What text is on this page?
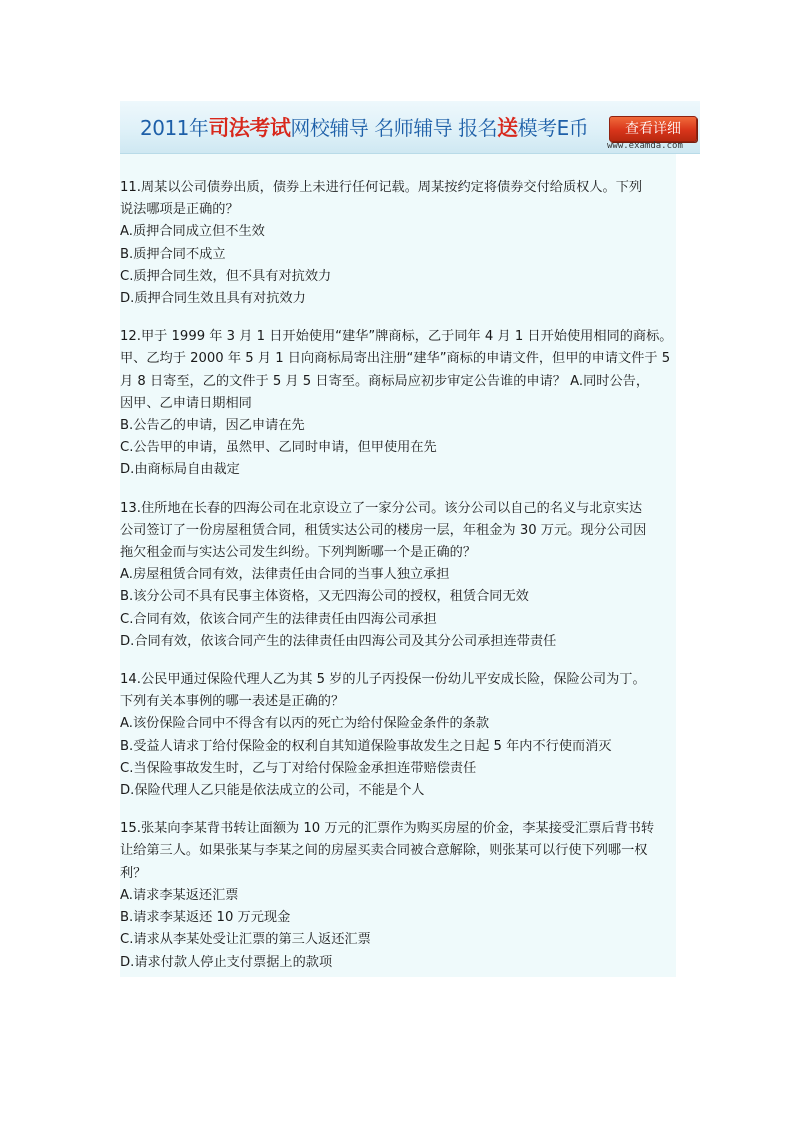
2011年司法考试网校辅导 名师辅导 报名送模考E币	查看详细
www.examda.com

11.周某以公司债券出质，债券上未进行任何记载。周某按约定将债券交付给质权人。下列

说法哪项是正确的？

A.质押合同成立但不生效

B.质押合同不成立

C.质押合同生效，但不具有对抗效力

D.质押合同生效且具有对抗效力

12.甲于 1999 年 3 月 1 日开始使用“建华”牌商标，乙于同年 4 月 1 日开始使用相同的商标。

甲、乙均于 2000 年 5 月 1 日向商标局寄出注册“建华”商标的申请文件，但甲的申请文件于 5

月 8 日寄至，乙的文件于 5 月 5 日寄至。商标局应初步审定公告谁的申请？ A.同时公告，

因甲、乙申请日期相同

B.公告乙的申请，因乙申请在先

C.公告甲的申请，虽然甲、乙同时申请，但甲使用在先

D.由商标局自由裁定

13.住所地在长春的四海公司在北京设立了一家分公司。该分公司以自己的名义与北京实达

公司签订了一份房屋租赁合同，租赁实达公司的楼房一层，年租金为 30 万元。现分公司因

拖欠租金而与实达公司发生纠纷。下列判断哪一个是正确的？

A.房屋租赁合同有效，法律责任由合同的当事人独立承担

B.该分公司不具有民事主体资格，又无四海公司的授权，租赁合同无效

C.合同有效，依该合同产生的法律责任由四海公司承担

D.合同有效，依该合同产生的法律责任由四海公司及其分公司承担连带责任

14.公民甲通过保险代理人乙为其 5 岁的儿子丙投保一份幼儿平安成长险，保险公司为丁。

下列有关本事例的哪一表述是正确的？

A.该份保险合同中不得含有以丙的死亡为给付保险金条件的条款

B.受益人请求丁给付保险金的权利自其知道保险事故发生之日起 5 年内不行使而消灭

C.当保险事故发生时，乙与丁对给付保险金承担连带赔偿责任

D.保险代理人乙只能是依法成立的公司，不能是个人

15.张某向李某背书转让面额为 10 万元的汇票作为购买房屋的价金，李某接受汇票后背书转

让给第三人。如果张某与李某之间的房屋买卖合同被合意解除，则张某可以行使下列哪一权

利？

A.请求李某返还汇票

B.请求李某返还 10 万元现金

C.请求从李某处受让汇票的第三人返还汇票

D.请求付款人停止支付票据上的款项
